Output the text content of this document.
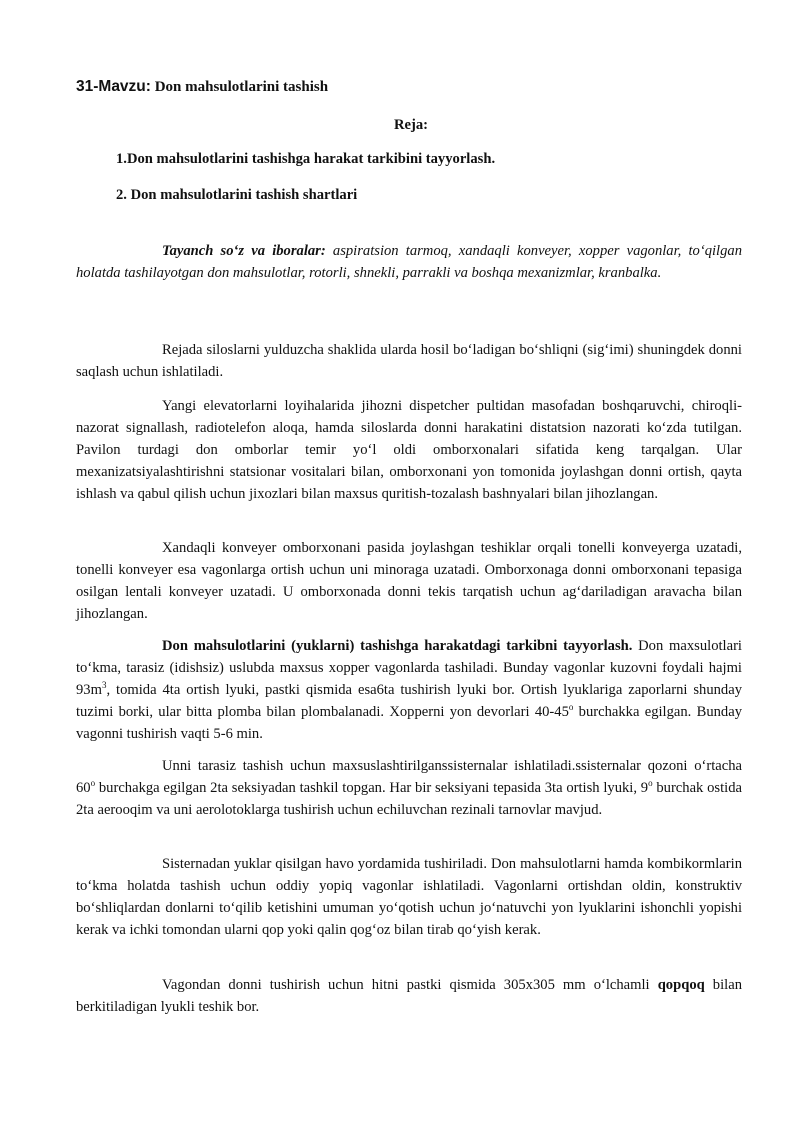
31-Mavzu: Don mahsulotlarini tashish

Reja:

1.Don mahsulotlarini tashishga harakat tarkibini tayyorlash.

2. Don mahsulotlarini tashish shartlari

Tayanch so‘z va iboralar: aspiratsion tarmoq, xandaqli konveyer, xopper vagonlar, to‘qilgan holatda tashilayotgan don mahsulotlar, rotorli, shnekli, parrakli va boshqa mexanizmlar, kranbalka.

Rejada siloslarni yulduzcha shaklida ularda hosil bo‘ladigan bo‘shliqni (sig‘imi) shuningdek donni saqlash uchun ishlatiladi.

Yangi elevatorlarni loyihalarida jihozni dispetcher pultidan masofadan boshqaruvchi, chiroqli-nazorat signallash, radiotelefon aloqa, hamda siloslarda donni harakatini distatsion nazorati ko‘zda tutilgan. Pavilon turdagi don omborlar temir yo‘l oldi omborxonalari sifatida keng tarqalgan. Ular mexanizatsiyalashtirishni statsionar vositalari bilan, omborxonani yon tomonida joylashgan donni ortish, qayta ishlash va qabul qilish uchun jixozlari bilan maxsus quritish-tozalash bashnyalari bilan jihozlangan.

Xandaqli konveyer omborxonani pasida joylashgan teshiklar orqali tonelli konveyerga uzatadi, tonelli konveyer esa vagonlarga ortish uchun uni minoraga uzatadi. Omborxonaga donni omborxonani tepasiga osilgan lentali konveyer uzatadi. U omborxonada donni tekis tarqatish uchun ag‘dariladigan aravacha bilan jihozlangan.

Don mahsulotlarini (yuklarni) tashishga harakatdagi tarkibni tayyorlash. Don maxsulotlari to‘kma, tarasiz (idishsiz) uslubda maxsus xopper vagonlarda tashiladi. Bunday vagonlar kuzovni foydali hajmi $93m^3$, tomida 4ta ortish lyuki, pastki qismida esa6ta tushirish lyuki bor. Ortish lyuklariga zaporlarni shunday tuzimi borki, ular bitta plomba bilan plombalanadi. Xopperni yon devorlari 40-45$^o$ burchakka egilgan. Bunday vagonni tushirish vaqti 5-6 min.

Unni tarasiz tashish uchun maxsuslashtirilganssisternalar ishlatiladi.ssisternalar qozoni o‘rtacha 60$^o$ burchakga egilgan 2ta seksiyadan tashkil topgan. Har bir seksiyani tepasida 3ta ortish lyuki, 9$^o$ burchak ostida 2ta aerooqim va uni aerolotoklarga tushirish uchun echiluvchan rezinali tarnovlar mavjud.

Sisternadan yuklar qisilgan havo yordamida tushiriladi. Don mahsulotlarni hamda kombikormlarin to‘kma holatda tashish uchun oddiy yopiq vagonlar ishlatiladi. Vagonlarni ortishdan oldin, konstruktiv bo‘shliqlardan donlarni to‘qilib ketishini umuman yo‘qotish uchun jo‘natuvchi yon lyuklarini ishonchli yopishi kerak va ichki tomondan ularni qop yoki qalin qog‘oz bilan tirab qo‘yish kerak.

Vagondan donni tushirish uchun hitni pastki qismida 305x305 mm o‘lchamli qopqoq bilan berkitiladigan lyukli teshik bor.
